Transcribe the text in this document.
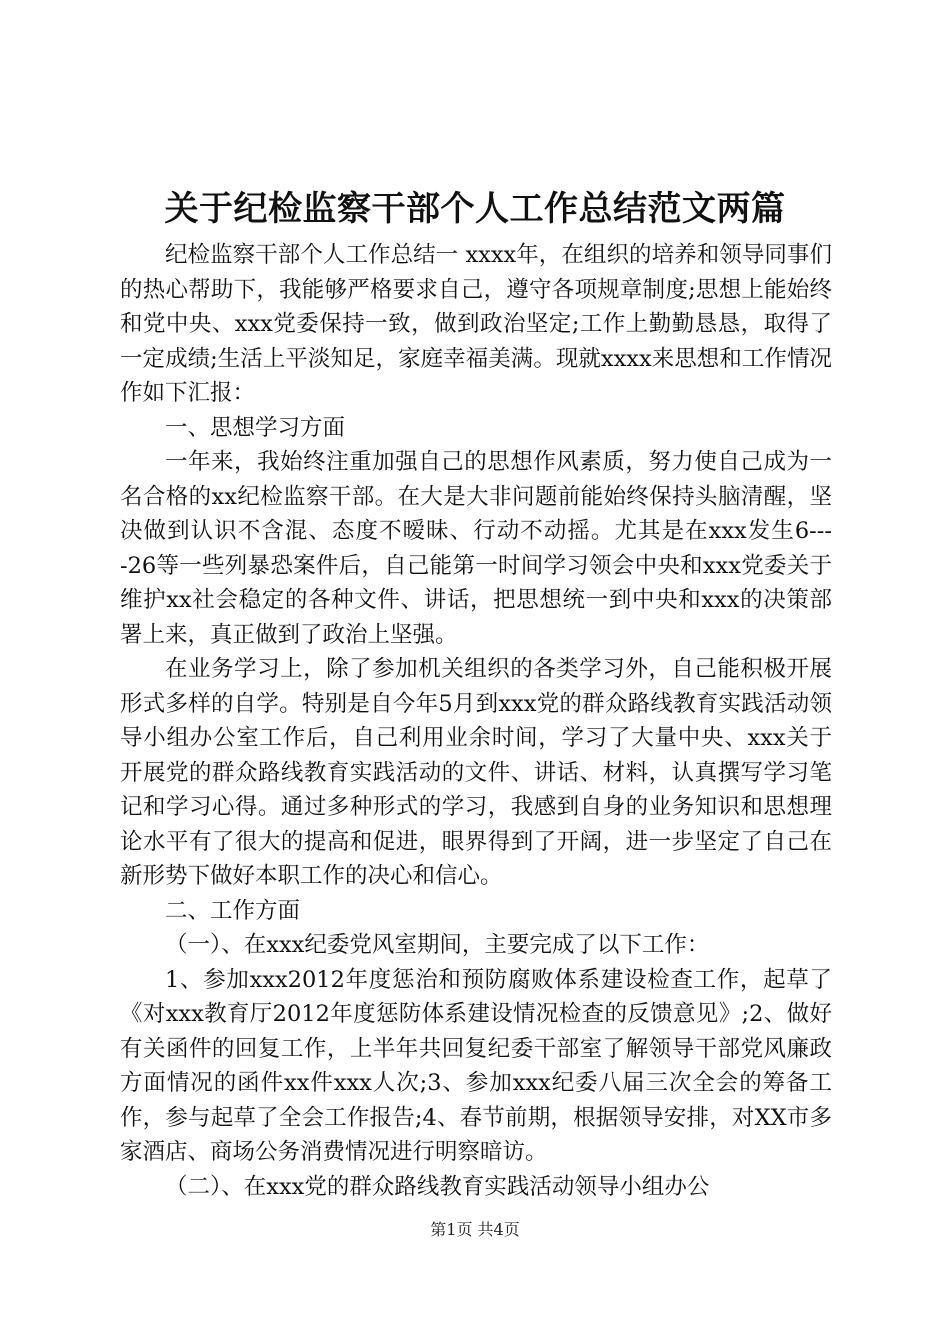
关于纪检监察干部个人工作总结范文两篇

纪检监察干部个人工作总结一 xxxx年，在组织的培养和领导同事们的热心帮助下，我能够严格要求自己，遵守各项规章制度;思想上能始终和党中央、xxx党委保持一致，做到政治坚定;工作上勤勤恳恳，取得了一定成绩;生活上平淡知足，家庭幸福美满。现就xxxx来思想和工作情况作如下汇报：

一、思想学习方面

一年来，我始终注重加强自己的思想作风素质，努力使自己成为一名合格的xx纪检监察干部。在大是大非问题前能始终保持头脑清醒，坚决做到认识不含混、态度不暧昧、行动不动摇。尤其是在xxx发生6----26等一些列暴恐案件后，自己能第一时间学习领会中央和xxx党委关于维护xx社会稳定的各种文件、讲话，把思想统一到中央和xxx的决策部署上来，真正做到了政治上坚强。

在业务学习上，除了参加机关组织的各类学习外，自己能积极开展形式多样的自学。特别是自今年5月到xxx党的群众路线教育实践活动领导小组办公室工作后，自己利用业余时间，学习了大量中央、xxx关于开展党的群众路线教育实践活动的文件、讲话、材料，认真撰写学习笔记和学习心得。通过多种形式的学习，我感到自身的业务知识和思想理论水平有了很大的提高和促进，眼界得到了开阔，进一步坚定了自己在新形势下做好本职工作的决心和信心。

二、工作方面

（一）、在xxx纪委党风室期间，主要完成了以下工作：

1、参加xxx2012年度惩治和预防腐败体系建设检查工作，起草了《对xxx教育厅2012年度惩防体系建设情况检查的反馈意见》;2、做好有关函件的回复工作，上半年共回复纪委干部室了解领导干部党风廉政方面情况的函件xx件xxx人次;3、参加xxx纪委八届三次全会的筹备工作，参与起草了全会工作报告;4、春节前期，根据领导安排，对XX市多家酒店、商场公务消费情况进行明察暗访。

（二）、在xxx党的群众路线教育实践活动领导小组办公

第1页 共4页
